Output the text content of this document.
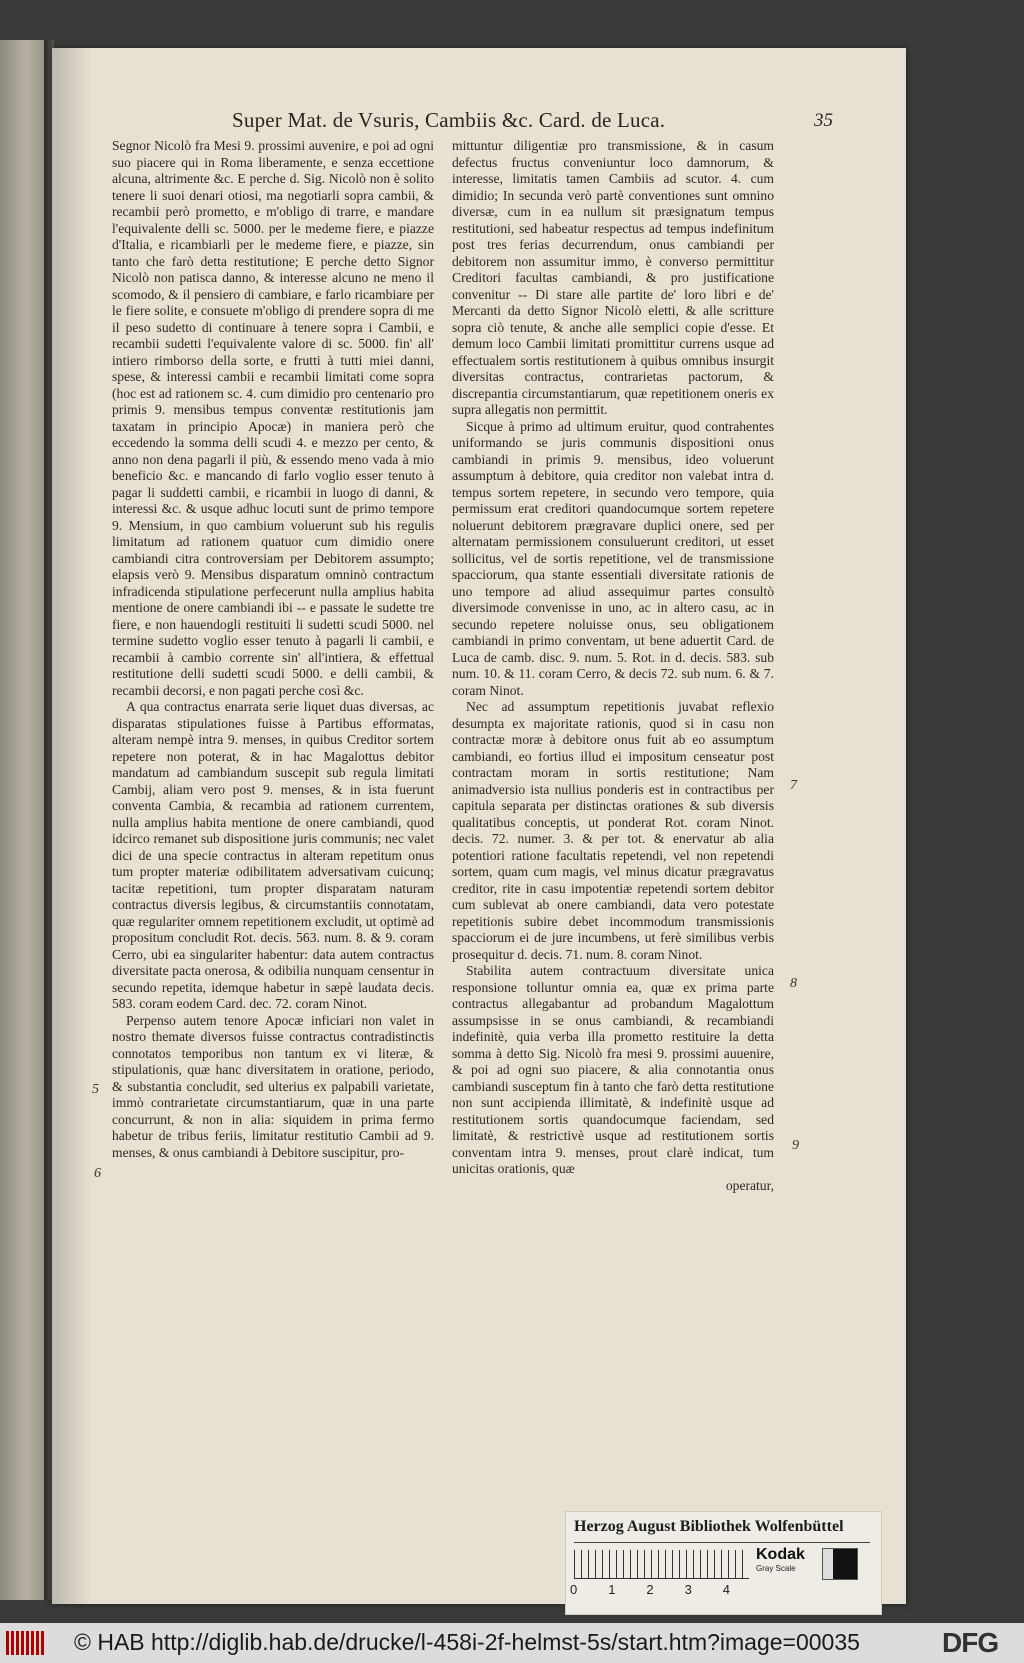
Super Mat. de Vsuris, Cambiis &c. Card. de Luca.	35

Segnor Nicolò fra Mesi 9. prossimi auvenire, e poi ad ogni suo piacere qui in Roma liberamente, e senza eccettione alcuna, altrimente &c. E perche d. Sig. Nicolò non è solito tenere li suoi denari otiosi, ma negotiarli sopra cambii, & recambii però prometto, e m'obligo di trarre, e mandare l'equivalente delli sc. 5000. per le medeme fiere, e piazze d'Italia, e ricambiarli per le medeme fiere, e piazze, sin tanto che farò detta restitutione; E perche detto Signor Nicolò non patisca danno, & interesse alcuno ne meno il scomodo, & il pensiero di cambiare, e farlo ricambiare per le fiere solite, e consuete m'obligo di prendere sopra di me il peso sudetto di continuare à tenere sopra i Cambii, e recambii sudetti l'equivalente valore di sc. 5000. fin' all' intiero rimborso della sorte, e frutti à tutti miei danni, spese, & interessi cambii e recambii limitati come sopra (hoc est ad rationem sc. 4. cum dimidio pro centenario pro primis 9. mensibus tempus conventæ restitutionis jam taxatam in principio Apocæ) in maniera però che eccedendo la somma delli scudi 4. e mezzo per cento, & anno non dena pagarli il più, & essendo meno vada à mio beneficio &c. e mancando di farlo voglio esser tenuto à pagar li suddetti cambii, e ricambii in luogo di danni, & interessi &c. & usque adhuc locuti sunt de primo tempore 9. Mensium, in quo cambium voluerunt sub his regulis limitatum ad rationem quatuor cum dimidio onere cambiandi citra controversiam per Debitorem assumpto; elapsis verò 9. Mensibus disparatum omninò contractum infradicenda stipulatione perfecerunt nulla amplius habita mentione de onere cambiandi ibi -- e passate le sudette tre fiere, e non hauendogli restituiti li sudetti scudi 5000. nel termine sudetto voglio esser tenuto à pagarli li cambii, e recambii à cambio corrente sin' all'intiera, & effettual restitutione delli sudetti scudi 5000. e delli cambii, & recambii decorsi, e non pagati perche così &c.

A qua contractus enarrata serie liquet duas diversas, ac disparatas stipulationes fuisse à Partibus efformatas, alteram nempè intra 9. menses, in quibus Creditor sortem repetere non poterat, & in hac Magalottus debitor mandatum ad cambiandum suscepit sub regula limitati Cambij, aliam vero post 9. menses, & in ista fuerunt conventa Cambia, & recambia ad rationem currentem, nulla amplius habita mentione de onere cambiandi, quod idcirco remanet sub dispositione juris communis; nec valet dici de una specie contractus in alteram repetitum onus tum propter materiæ odibilitatem adversativam cuicunq; tacitæ repetitioni, tum propter disparatam naturam contractus diversis legibus, & circumstantiis connotatam, quæ regulariter omnem repetitionem excludit, ut optimè ad propositum concludit Rot. decis. 563. num. 8. & 9. coram Cerro, ubi ea singulariter habentur: data autem contractus diversitate pacta onerosa, & odibilia nunquam censentur in secundo repetita, idemque habetur in sæpè laudata decis. 583. coram eodem Card. dec. 72. coram Ninot.

Perpenso autem tenore Apocæ inficiari non valet in nostro themate diversos fuisse contractus contradistinctis connotatos temporibus non tantum ex vi literæ, & stipulationis, quæ hanc diversitatem in oratione, periodo, & substantia concludit, sed ulterius ex palpabili varietate, immò contrarietate circumstantiarum, quæ in una parte concurrunt, & non in alia: siquidem in prima fermo habetur de tribus feriis, limitatur restitutio Cambii ad 9. menses, & onus cambiandi à Debitore suscipitur, pro-

mittuntur diligentiæ pro transmissione, & in casum defectus fructus conveniuntur loco damnorum, & interesse, limitatis tamen Cambiis ad scutor. 4. cum dimidio; In secunda verò partè conventiones sunt omnino diversæ, cum in ea nullum sit præsignatum tempus restitutioni, sed habeatur respectus ad tempus indefinitum post tres ferias decurrendum, onus cambiandi per debitorem non assumitur immo, è converso permittitur Creditori facultas cambiandi, & pro justificatione convenitur -- Di stare alle partite de' loro libri e de' Mercanti da detto Signor Nicolò eletti, & alle scritture sopra ciò tenute, & anche alle semplici copie d'esse. Et demum loco Cambii limitati promittitur currens usque ad effectualem sortis restitutionem à quibus omnibus insurgit diversitas contractus, contrarietas pactorum, & discrepantia circumstantiarum, quæ repetitionem oneris ex supra allegatis non permittit.

Sicque à primo ad ultimum eruitur, quod contrahentes uniformando se juris communis dispositioni onus cambiandi in primis 9. mensibus, ideo voluerunt assumptum à debitore, quia creditor non valebat intra d. tempus sortem repetere, in secundo vero tempore, quia permissum erat creditori quandocumque sortem repetere noluerunt debitorem prægravare duplici onere, sed per alternatam permissionem consuluerunt creditori, ut esset sollicitus, vel de sortis repetitione, vel de transmissione spacciorum, qua stante essentiali diversitate rationis de uno tempore ad aliud assequimur partes consultò diversimode convenisse in uno, ac in altero casu, ac in secundo repetere noluisse onus, seu obligationem cambiandi in primo conventam, ut bene aduertit Card. de Luca de camb. disc. 9. num. 5. Rot. in d. decis. 583. sub num. 10. & 11. coram Cerro, & decis 72. sub num. 6. & 7. coram Ninot.

Nec ad assumptum repetitionis juvabat reflexio desumpta ex majoritate rationis, quod si in casu non contractæ moræ à debitore onus fuit ab eo assumptum cambiandi, eo fortius illud ei impositum censeatur post contractam moram in sortis restitutione; Nam animadversio ista nullius ponderis est in contractibus per capitula separata per distinctas orationes & sub diversis qualitatibus conceptis, ut ponderat Rot. coram Ninot. decis. 72. numer. 3. & per tot. & enervatur ab alia potentiori ratione facultatis repetendi, vel non repetendi sortem, quam cum magis, vel minus dicatur prægravatus creditor, rite in casu impotentiæ repetendi sortem debitor cum sublevat ab onere cambiandi, data vero potestate repetitionis subire debet incommodum transmissionis spacciorum ei de jure incumbens, ut ferè similibus verbis prosequitur d. decis. 71. num. 8. coram Ninot.

Stabilita autem contractuum diversitate unica responsione tolluntur omnia ea, quæ ex prima parte contractus allegabantur ad probandum Magalottum assumpsisse in se onus cambiandi, & recambiandi indefinitè, quia verba illa prometto restituire la detta somma à detto Sig. Nicolò fra mesi 9. prossimi auuenire, & poi ad ogni suo piacere, & alia connotantia onus cambiandi susceptum fin à tanto che farò detta restitutione non sunt accipienda illimitatè, & indefinitè usque ad restitutionem sortis quandocumque faciendam, sed limitatè, & restrictivè usque ad restitutionem sortis conventam intra 9. menses, prout clarè indicat, tum unicitas orationis, quæ

operatur,

7
8
9
5
6
Herzog August Bibliothek Wolfenbüttel
0 1 2 3 4
Kodak
Gray Scale
© HAB http://diglib.hab.de/drucke/l-458i-2f-helmst-5s/start.htm?image=00035	DFG
